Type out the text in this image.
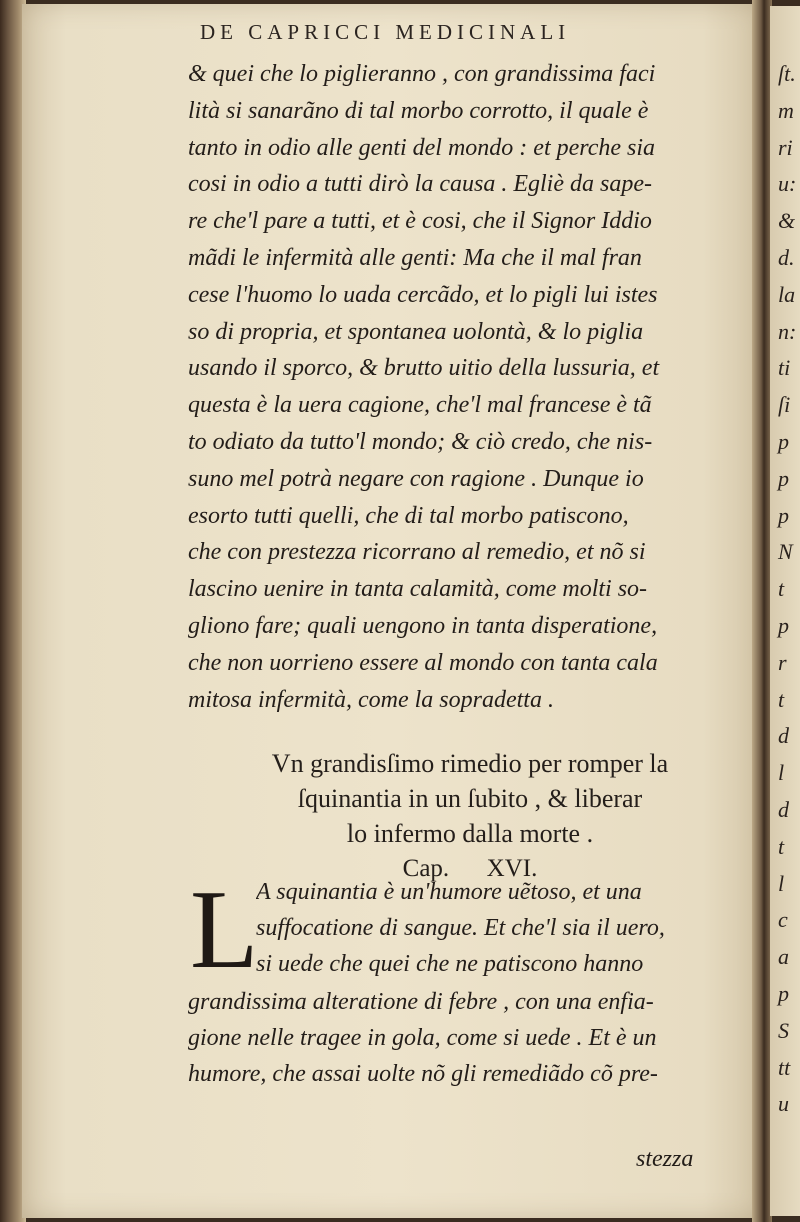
DE CAPRICCI MEDICINALI
& quei che lo piglieranno , con grandissima faci
lità si sanarãno di tal morbo corrotto, il quale è
tanto in odio alle genti del mondo : et perche sia
cosi in odio a tutti dirò la causa . Egliè da sape-
re che'l pare a tutti, et è cosi, che il Signor Iddio
mãdi le infermità alle genti: Ma che il mal fran
cese l'huomo lo uada cercãdo, et lo pigli lui istes
so di propria, et spontanea uolontà, & lo piglia
usando il sporco, & brutto uitio della lussuria, et
questa è la uera cagione, che'l mal francese è tã
to odiato da tutto'l mondo; & ciò credo, che nis-
suno mel potrà negare con ragione . Dunque io
esorto tutti quelli, che di tal morbo patiscono,
che con prestezza ricorrano al remedio, et nõ si
lascino uenire in tanta calamità, come molti so-
gliono fare; quali uengono in tanta disperatione,
che non uorrieno essere al mondo con tanta cala
mitosa infermità, come la sopradetta .
Vn grandisſimo rimedio per romper la
ſquinantia in un ſubito , & liberar
lo infermo dalla morte .
Cap.      XVI.
L
A squinantia è un'humore uẽtoso, et una
suffocatione di sangue. Et che'l sia il uero,
si uede che quei che ne patiscono hanno
grandissima alteratione di febre , con una enfia-
gione nelle tragee in gola, come si uede . Et è un
humore, che assai uolte nõ gli remediãdo cõ pre-
stezza
ſt.
m
ri
u:
&
d.
la
n:
ti
ſi
p
p
p
N
t
p
r
t
d
l
d
t
l
c
a
p
S
tt
u
